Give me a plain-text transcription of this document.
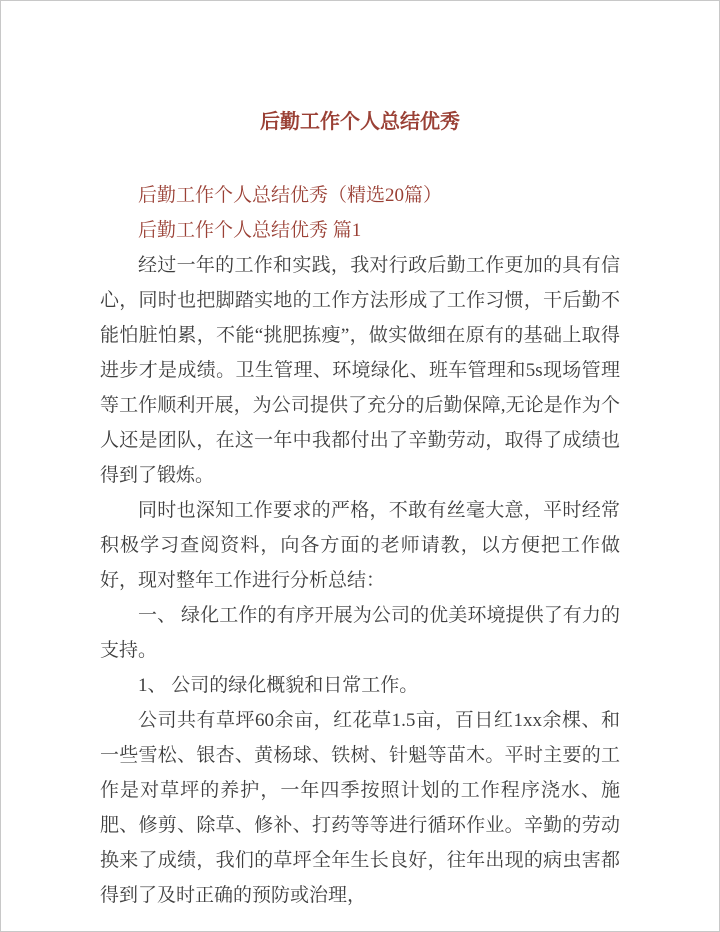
后勤工作个人总结优秀

后勤工作个人总结优秀（精选20篇）

后勤工作个人总结优秀 篇1

经过一年的工作和实践，我对行政后勤工作更加的具有信心，同时也把脚踏实地的工作方法形成了工作习惯，干后勤不能怕脏怕累，不能“挑肥拣瘦”，做实做细在原有的基础上取得进步才是成绩。卫生管理、环境绿化、班车管理和5s现场管理等工作顺利开展，为公司提供了充分的后勤保障,无论是作为个人还是团队，在这一年中我都付出了辛勤劳动，取得了成绩也得到了锻炼。

同时也深知工作要求的严格，不敢有丝毫大意，平时经常积极学习查阅资料，向各方面的老师请教，以方便把工作做好，现对整年工作进行分析总结：

一、 绿化工作的有序开展为公司的优美环境提供了有力的支持。

1、 公司的绿化概貌和日常工作。

公司共有草坪60余亩，红花草1.5亩，百日红1xx余棵、和一些雪松、银杏、黄杨球、铁树、针魁等苗木。平时主要的工作是对草坪的养护，一年四季按照计划的工作程序浇水、施肥、修剪、除草、修补、打药等等进行循环作业。辛勤的劳动换来了成绩，我们的草坪全年生长良好，往年出现的病虫害都得到了及时正确的预防或治理，
